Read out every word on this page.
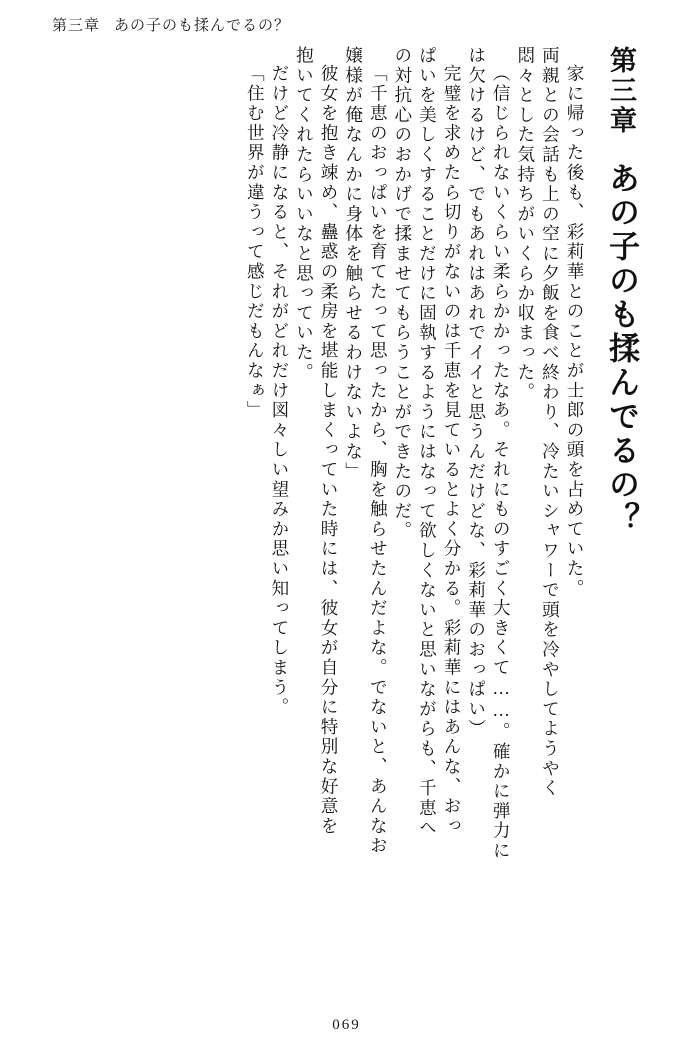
第三章 あの子のも揉んでるの？
第三章あの子のも揉んでるの？
家に帰った後も、彩莉華とのことが士郎の頭を占めていた。
両親との会話も上の空に夕飯を食べ終わり、冷たいシャワーで頭を冷やしてようやく
悶々とした気持ちがいくらか収まった。
（信じられないくらい柔らかかったなあ。それにものすごく大きくて……。確かに弾力に
は欠けるけど、でもあれはあれでイイと思うんだけどな、彩莉華のおっぱい）
完璧を求めたら切りがないのは千恵を見ているとよく分かる。彩莉華にはあんな、おっ
ぱいを美しくすることだけに固執するようにはなって欲しくないと思いながらも、千恵へ
の対抗心のおかげで揉ませてもらうことができたのだ。
「千恵のおっぱいを育てたって思ったから、胸を触らせたんだよな。でないと、あんなお
嬢様が俺なんかに身体を触らせるわけないよな」
彼女を抱き竦め、蠱惑の柔房を堪能しまくっていた時には、彼女が自分に特別な好意を
抱いてくれたらいいなと思っていた。
だけど冷静になると、それがどれだけ図々しい望みか思い知ってしまう。
「住む世界が違うって感じだもんなぁ」
069
